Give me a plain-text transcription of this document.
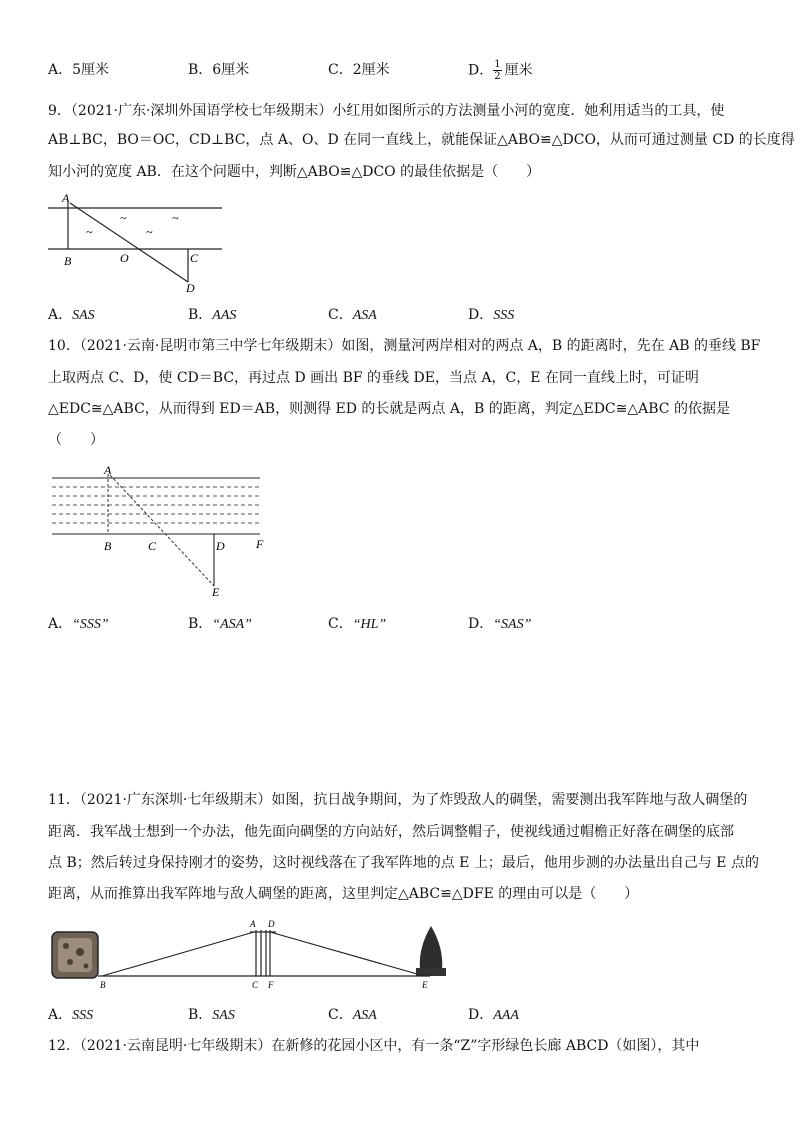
A．5厘米	B．6厘米	C．2厘米	D． $\frac{1}{2}$ 厘米
9．（2021·广东·深圳外国语学校七年级期末）小红用如图所示的方法测量小河的宽度．她利用适当的工具，使
AB⊥BC，BO＝OC，CD⊥BC，点 A、O、D 在同一直线上，就能保证△ABO≌△DCO，从而可通过测量 CD 的长度得
知小河的宽度 AB．在这个问题中，判断△ABO≌△DCO 的最佳依据是（　　）
A
B	O	C
D
~	~
~	~
A．SAS	B．AAS	C．ASA	D．SSS
10．（2021·云南·昆明市第三中学七年级期末）如图，测量河两岸相对的两点 A，B 的距离时，先在 AB 的垂线 BF
上取两点 C、D，使 CD＝BC，再过点 D 画出 BF 的垂线 DE，当点 A，C，E 在同一直线上时，可证明
△EDC≅△ABC，从而得到 ED＝AB，则测得 ED 的长就是两点 A，B 的距离，判定△EDC≅△ABC 的依据是
（　　）
A
B	C	D	F
E
A．“SSS”	B．“ASA”	C．“HL”	D．“SAS”
11．（2021·广东深圳·七年级期末）如图，抗日战争期间，为了炸毁敌人的碉堡，需要测出我军阵地与敌人碉堡的
距离．我军战士想到一个办法，他先面向碉堡的方向站好，然后调整帽子，使视线通过帽檐正好落在碉堡的底部
点 B；然后转过身保持刚才的姿势，这时视线落在了我军阵地的点 E 上；最后，他用步测的办法量出自己与 E 点的
距离，从而推算出我军阵地与敌人碉堡的距离，这里判定△ABC≌△DFE 的理由可以是（　　）
A D
B	C F	E
A．SSS	B．SAS	C．ASA	D．AAA
12．（2021·云南昆明·七年级期末）在新修的花园小区中，有一条“Z”字形绿色长廊 ABCD（如图），其中
